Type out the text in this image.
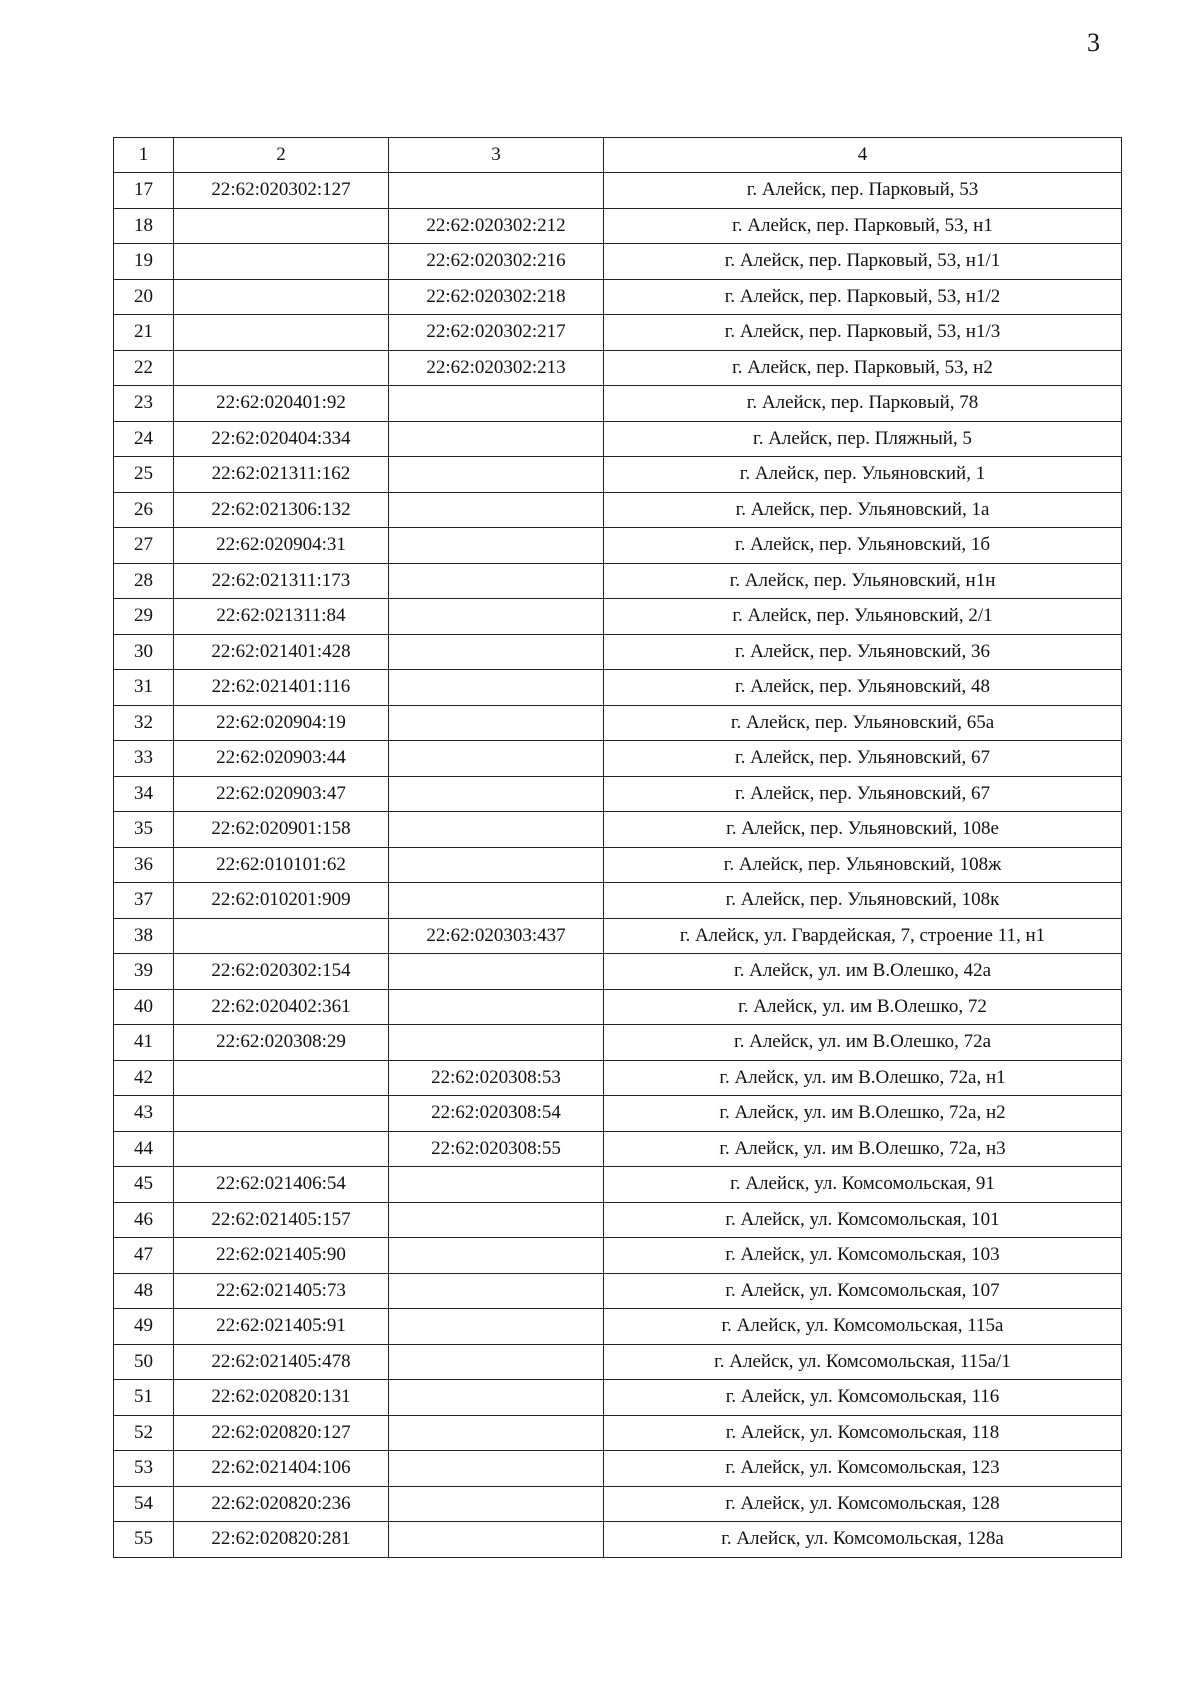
3
1	2	3	4
17	22:62:020302:127		г. Алейск, пер. Парковый, 53
18		22:62:020302:212	г. Алейск, пер. Парковый, 53, н1
19		22:62:020302:216	г. Алейск, пер. Парковый, 53, н1/1
20		22:62:020302:218	г. Алейск, пер. Парковый, 53, н1/2
21		22:62:020302:217	г. Алейск, пер. Парковый, 53, н1/3
22		22:62:020302:213	г. Алейск, пер. Парковый, 53, н2
23	22:62:020401:92		г. Алейск, пер. Парковый, 78
24	22:62:020404:334		г. Алейск, пер. Пляжный, 5
25	22:62:021311:162		г. Алейск, пер. Ульяновский, 1
26	22:62:021306:132		г. Алейск, пер. Ульяновский, 1а
27	22:62:020904:31		г. Алейск, пер. Ульяновский, 1б
28	22:62:021311:173		г. Алейск, пер. Ульяновский, н1н
29	22:62:021311:84		г. Алейск, пер. Ульяновский, 2/1
30	22:62:021401:428		г. Алейск, пер. Ульяновский, 36
31	22:62:021401:116		г. Алейск, пер. Ульяновский, 48
32	22:62:020904:19		г. Алейск, пер. Ульяновский, 65а
33	22:62:020903:44		г. Алейск, пер. Ульяновский, 67
34	22:62:020903:47		г. Алейск, пер. Ульяновский, 67
35	22:62:020901:158		г. Алейск, пер. Ульяновский, 108е
36	22:62:010101:62		г. Алейск, пер. Ульяновский, 108ж
37	22:62:010201:909		г. Алейск, пер. Ульяновский, 108к
38		22:62:020303:437	г. Алейск, ул. Гвардейская, 7, строение 11, н1
39	22:62:020302:154		г. Алейск, ул. им В.Олешко, 42а
40	22:62:020402:361		г. Алейск, ул. им В.Олешко, 72
41	22:62:020308:29		г. Алейск, ул. им В.Олешко, 72а
42		22:62:020308:53	г. Алейск, ул. им В.Олешко, 72а, н1
43		22:62:020308:54	г. Алейск, ул. им В.Олешко, 72а, н2
44		22:62:020308:55	г. Алейск, ул. им В.Олешко, 72а, н3
45	22:62:021406:54		г. Алейск, ул. Комсомольская, 91
46	22:62:021405:157		г. Алейск, ул. Комсомольская, 101
47	22:62:021405:90		г. Алейск, ул. Комсомольская, 103
48	22:62:021405:73		г. Алейск, ул. Комсомольская, 107
49	22:62:021405:91		г. Алейск, ул. Комсомольская, 115а
50	22:62:021405:478		г. Алейск, ул. Комсомольская, 115а/1
51	22:62:020820:131		г. Алейск, ул. Комсомольская, 116
52	22:62:020820:127		г. Алейск, ул. Комсомольская, 118
53	22:62:021404:106		г. Алейск, ул. Комсомольская, 123
54	22:62:020820:236		г. Алейск, ул. Комсомольская, 128
55	22:62:020820:281		г. Алейск, ул. Комсомольская, 128а
